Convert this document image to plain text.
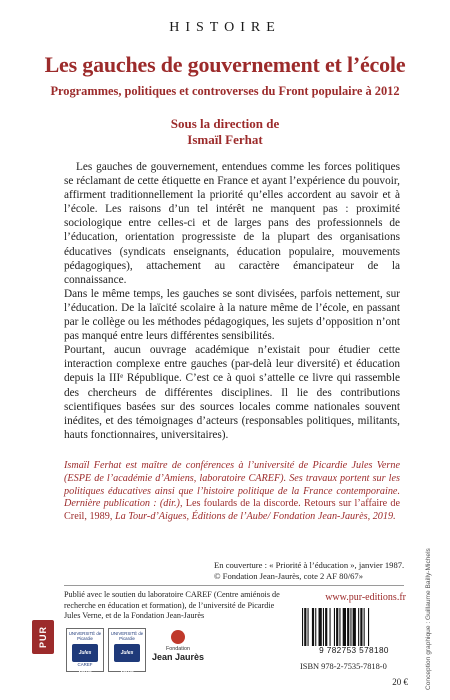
HISTOIRE
Les gauches de gouvernement et l’école
Programmes, politiques et controverses du Front populaire à 2012
Sous la direction de
Ismaïl Ferhat

Les gauches de gouvernement, entendues comme les forces politiques se réclamant de cette étiquette en France et ayant l’expérience du pouvoir, affirment traditionnellement la priorité qu’elles accordent au savoir et à l’école. Les raisons d’un tel intérêt ne manquent pas : proximité sociologique entre celles-ci et de larges pans des professionnels de l’éducation, orientation progressiste de la plupart des organisations éducatives (syndicats enseignants, éducation populaire, mouvements pédagogiques), attachement au caractère émancipateur de la connaissance.

Dans le même temps, les gauches se sont divisées, parfois nettement, sur l’éducation. De la laïcité scolaire à la nature même de l’école, en passant par le collège ou les méthodes pédagogiques, les sujets d’opposition n’ont pas manqué entre leurs différentes sensibilités.

Pourtant, aucun ouvrage académique n’existait pour étudier cette interaction complexe entre gauches (par-delà leur diversité) et éducation depuis la IIIᵉ République. C’est ce à quoi s’attelle ce livre qui rassemble des chercheurs de différentes disciplines. Il lie des contributions scientifiques basées sur des sources locales comme nationales souvent inédites, et des témoignages d’acteurs (responsables politiques, militants, hauts fonctionnaires, universitaires).

Ismaïl Ferhat est maître de conférences à l’université de Picardie Jules Verne (ESPE de l’académie d’Amiens, laboratoire CAREF). Ses travaux portent sur les politiques éducatives ainsi que l’histoire politique de la France contemporaine. Dernière publication : (dir.), Les foulards de la discorde. Retours sur l’affaire de Creil, 1989, La Tour-d’Aigues, Éditions de l’Aube/ Fondation Jean-Jaurès, 2019.
En couverture : « Priorité à l’éducation », janvier 1987.
© Fondation Jean-Jaurès, cote 2 AF 80/67»
Publié avec le soutien du laboratoire CAREF (Centre amiénois de recherche en éducation et formation), de l’université de Picardie Jules Verne, et de la Fondation Jean-Jaurès
www.pur-editions.fr
PUR	UNIVERSITÉ de Picardie
Jules Verne
CAREF
UNIVERSITÉ de Picardie
Jules Verne
Fondation
Jean Jaurès
9 782753 578180
ISBN 978-2-7535-7818-0
20 €	Conception graphique : Guillaume Bailly-Michels
